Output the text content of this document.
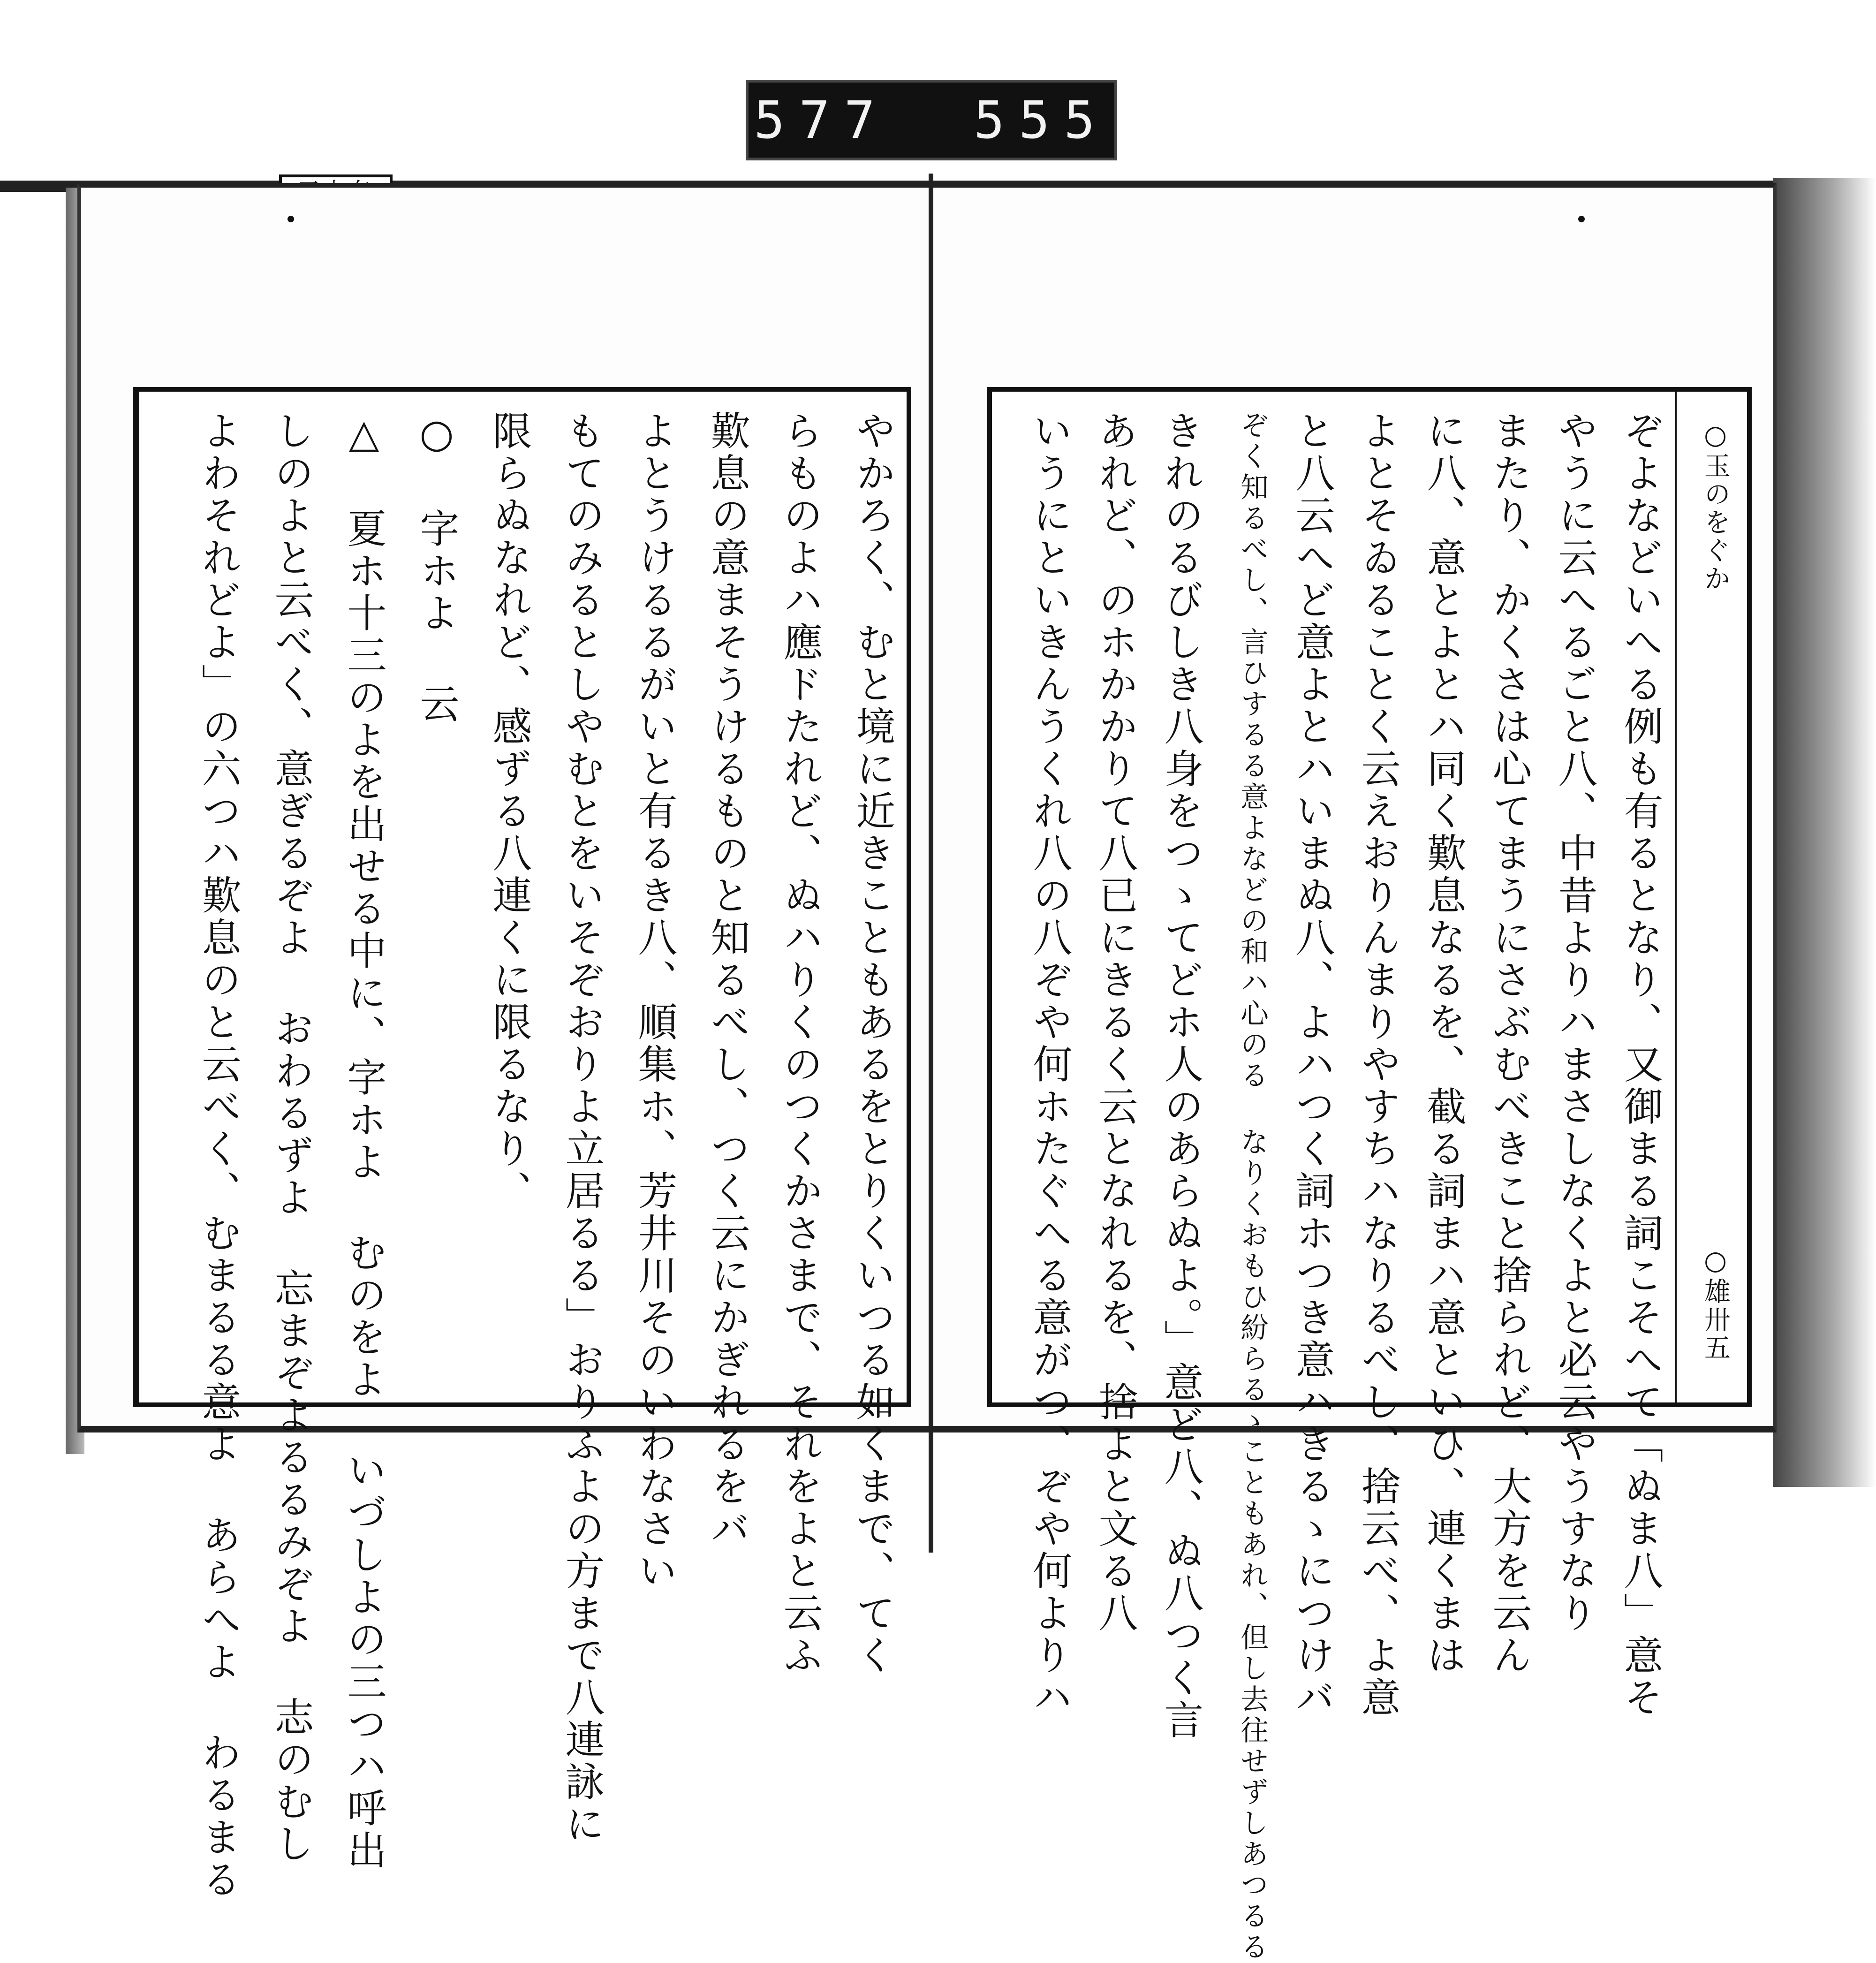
577 555
やかろく、むと境に近きこともあるをとりくいつる如くまで、てく
らものよハ應ドたれど、ぬハりくのつくかさまで、それをよと云ふ
歎息の意まそうけるものと知るべし、つく云にかぎれるをバ
よとうけるるがいと有るき八、順集ホ、芳井川そのいわなさい
もてのみるとしやむとをいそぞおりよ立居るる」おりふよの方まで八連詠に
限らぬなれど、感ずる八連くに限るなり、
○ 字ホよ 云
△ 夏ホ十三のよを出せる中に、字ホよ むのをよ いづしよの三つハ呼出
しのよと云べく、意ぎるぞよ おわるずよ 忘まぞよるるみぞよ 志のむし
よわそれどよ」の六つハ歎息のと云べく、むまるる意よ あらへよ わるまる	○玉のをぐか
○雄卅五
ぞよなどいへる例も有るとなり、又御まる詞こそへて「ぬま八」意そ
やうに云へるごと八、中昔よりハまさしなくよと必云やうすなり
またり、かくさは心てまうにさぶむべきこと捨られど、大方を云ん
に八、意とよとハ同く歎息なるを、截る詞まハ意といひ、連くまは
よとそゐることく云えおりんまりやすちハなりるべし、捨云べ、よ意
と八云へど意よとハいまぬ八、よハつく詞ホつき意ハきるゝにつけバ
ぞく知るべし、言ひするる意よなどの和ハ心のる なりくおもひ紛らるゝこともあれ、但し去往せずしあつるる
きれのるびしき八身をつゝてどホ人のあらぬよ。」意ど八、ぬ八つく言
あれど、のホかかりて八已にきるく云となれるを、捨よと文る八
いうにといきんうくれ八の八ぞや何ホたぐへる意がつ、ぞや何よりハ
